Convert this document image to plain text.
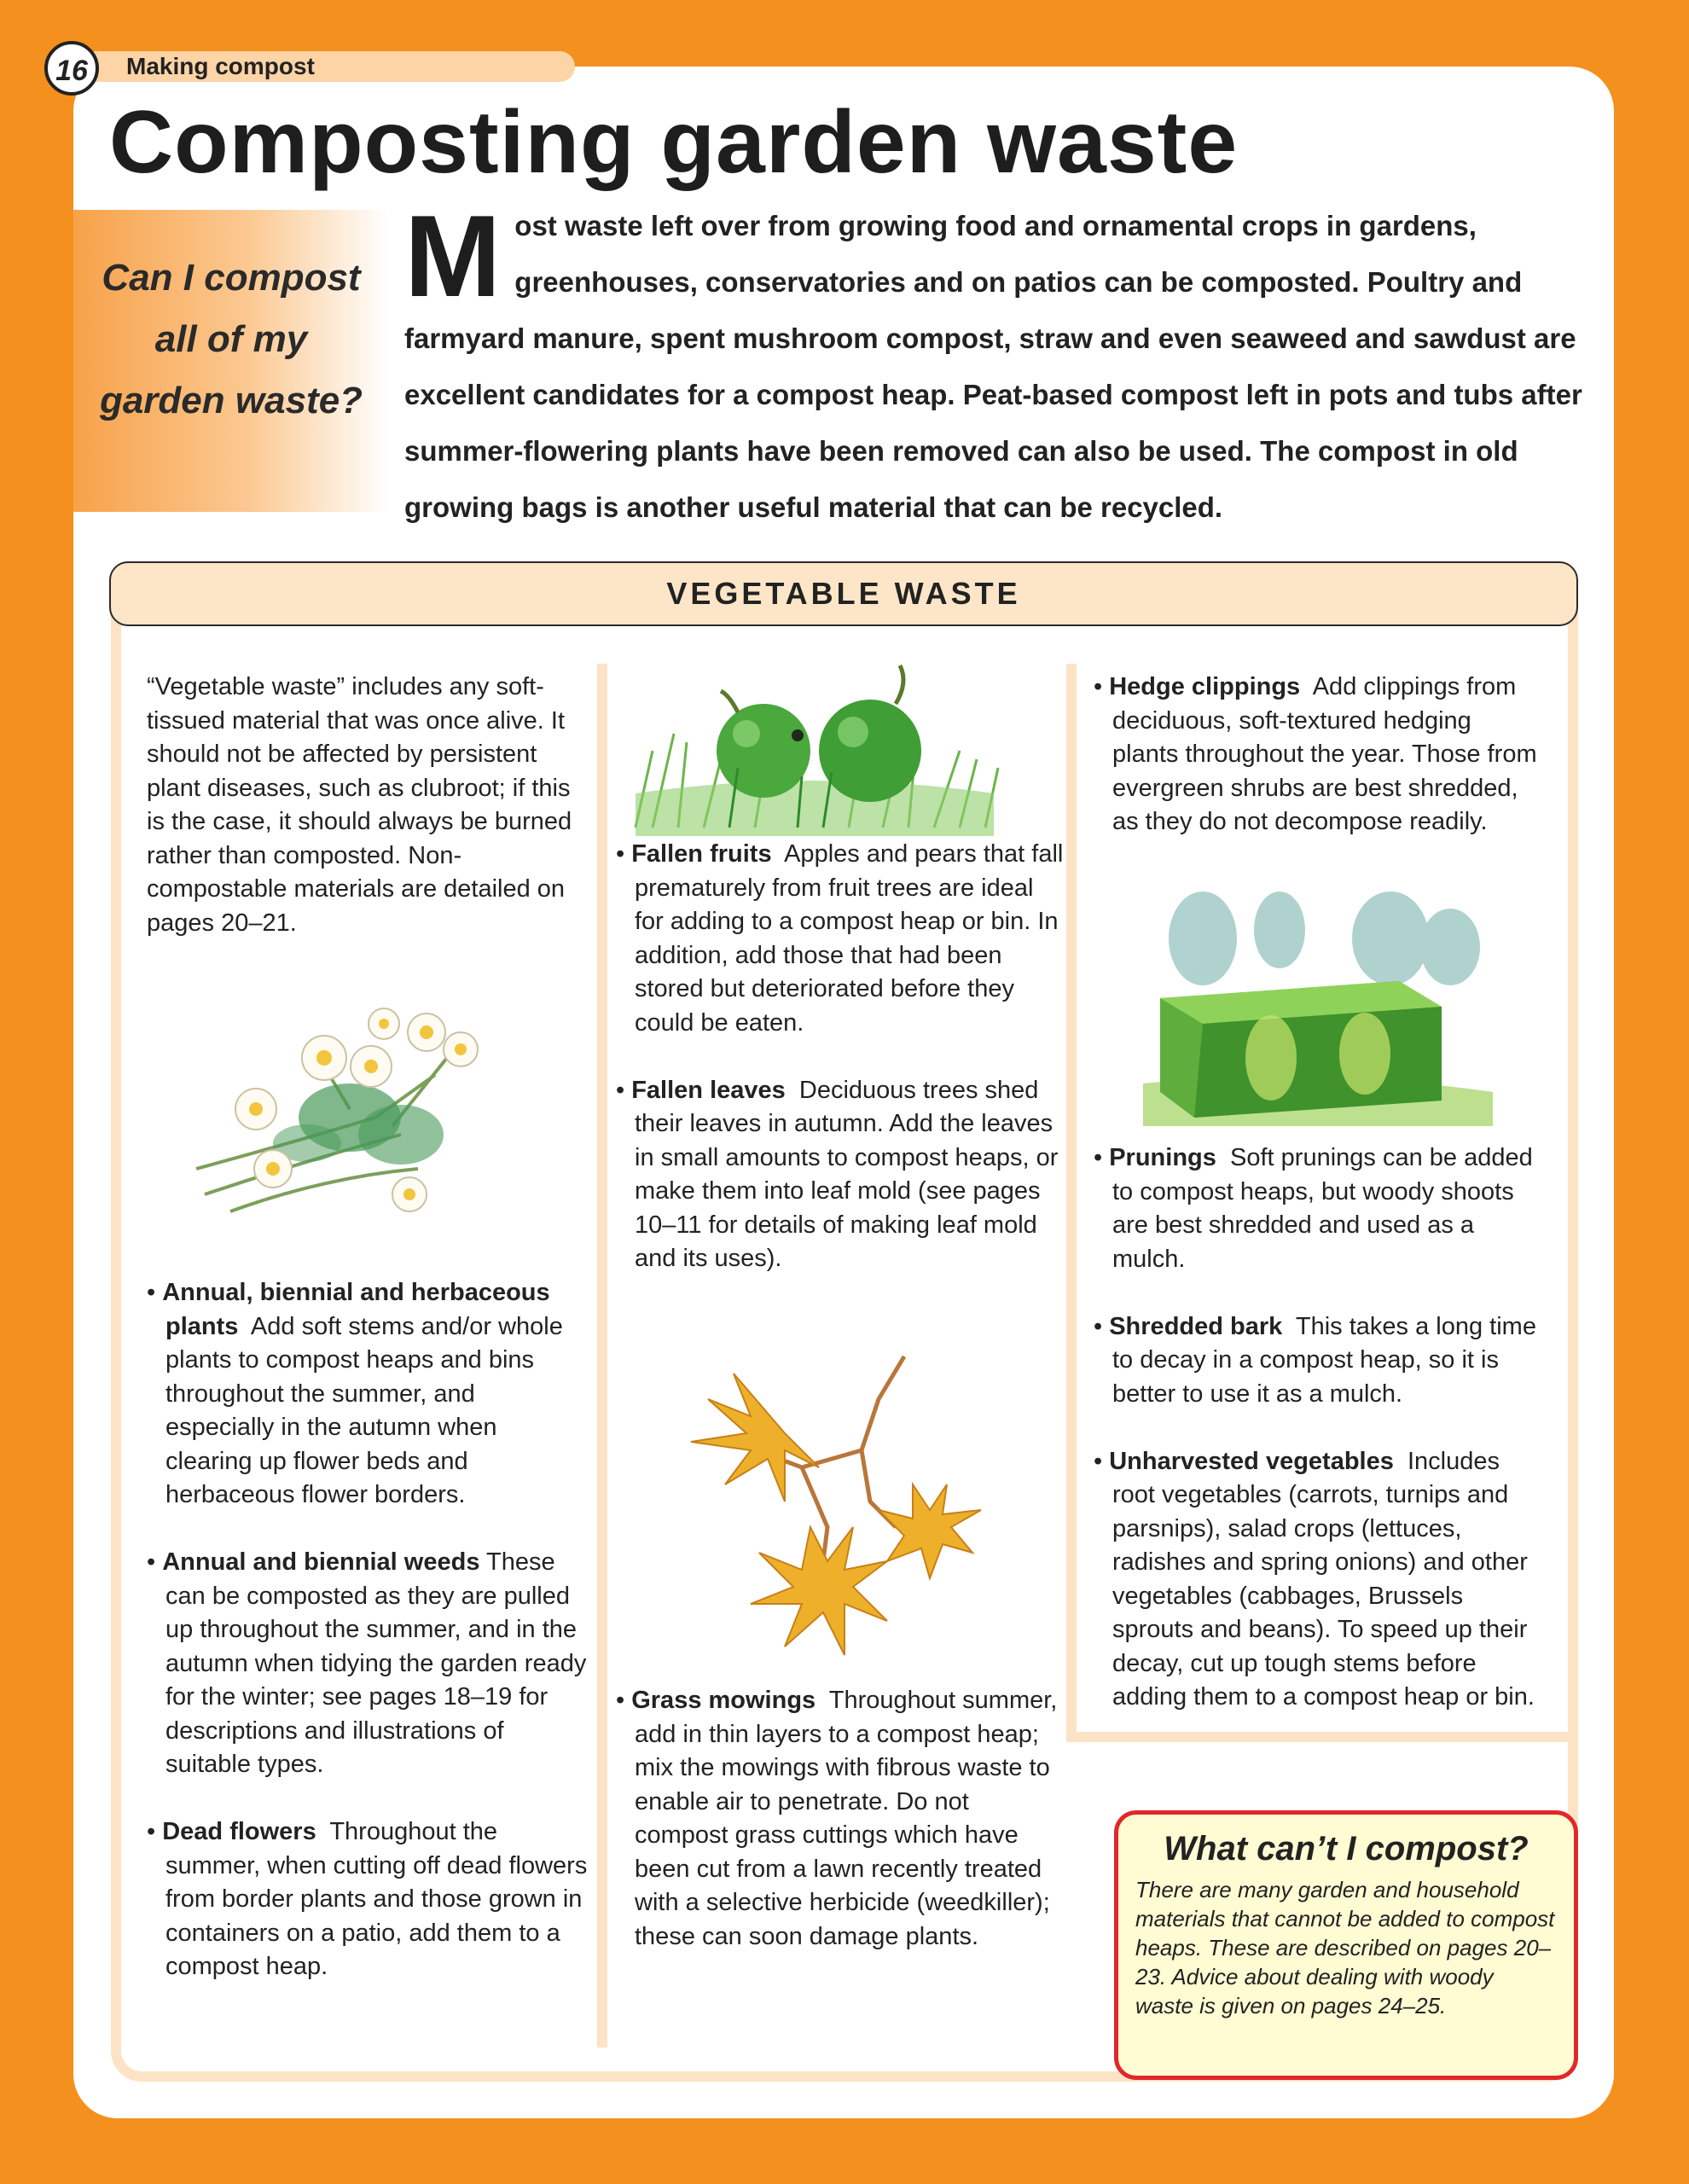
16	Making compost
Composting garden waste

Can I compost all of my garden waste?

Most waste left over from growing food and ornamental crops in gardens, greenhouses, conservatories and on patios can be composted. Poultry and farmyard manure, spent mushroom compost, straw and even seaweed and sawdust are excellent candidates for a compost heap. Peat-based compost left in pots and tubs after summer-flowering plants have been removed can also be used. The compost in old growing bags is another useful material that can be recycled.

VEGETABLE WASTE

“Vegetable waste” includes any soft-tissued material that was once alive. It should not be affected by persistent plant diseases, such as clubroot; if this is the case, it should always be burned rather than composted. Non-compostable materials are detailed on pages 20–21.

• Annual, biennial and herbaceous plants Add soft stems and/or whole plants to compost heaps and bins throughout the summer, and especially in the autumn when clearing up flower beds and herbaceous flower borders.

• Annual and biennial weeds These can be composted as they are pulled up throughout the summer, and in the autumn when tidying the garden ready for the winter; see pages 18–19 for descriptions and illustrations of suitable types.

• Dead flowers Throughout the summer, when cutting off dead flowers from border plants and those grown in containers on a patio, add them to a compost heap.

• Fallen fruits Apples and pears that fall prematurely from fruit trees are ideal for adding to a compost heap or bin. In addition, add those that had been stored but deteriorated before they could be eaten.

• Fallen leaves Deciduous trees shed their leaves in autumn. Add the leaves in small amounts to compost heaps, or make them into leaf mold (see pages 10–11 for details of making leaf mold and its uses).

• Grass mowings Throughout summer, add in thin layers to a compost heap; mix the mowings with fibrous waste to enable air to penetrate. Do not compost grass cuttings which have been cut from a lawn recently treated with a selective herbicide (weedkiller); these can soon damage plants.

• Hedge clippings Add clippings from deciduous, soft-textured hedging plants throughout the year. Those from evergreen shrubs are best shredded, as they do not decompose readily.

• Prunings Soft prunings can be added to compost heaps, but woody shoots are best shredded and used as a mulch.

• Shredded bark This takes a long time to decay in a compost heap, so it is better to use it as a mulch.

• Unharvested vegetables Includes root vegetables (carrots, turnips and parsnips), salad crops (lettuces, radishes and spring onions) and other vegetables (cabbages, Brussels sprouts and beans). To speed up their decay, cut up tough stems before adding them to a compost heap or bin.

What can’t I compost?

There are many garden and household materials that cannot be added to compost heaps. These are described on pages 20–23. Advice about dealing with woody waste is given on pages 24–25.
